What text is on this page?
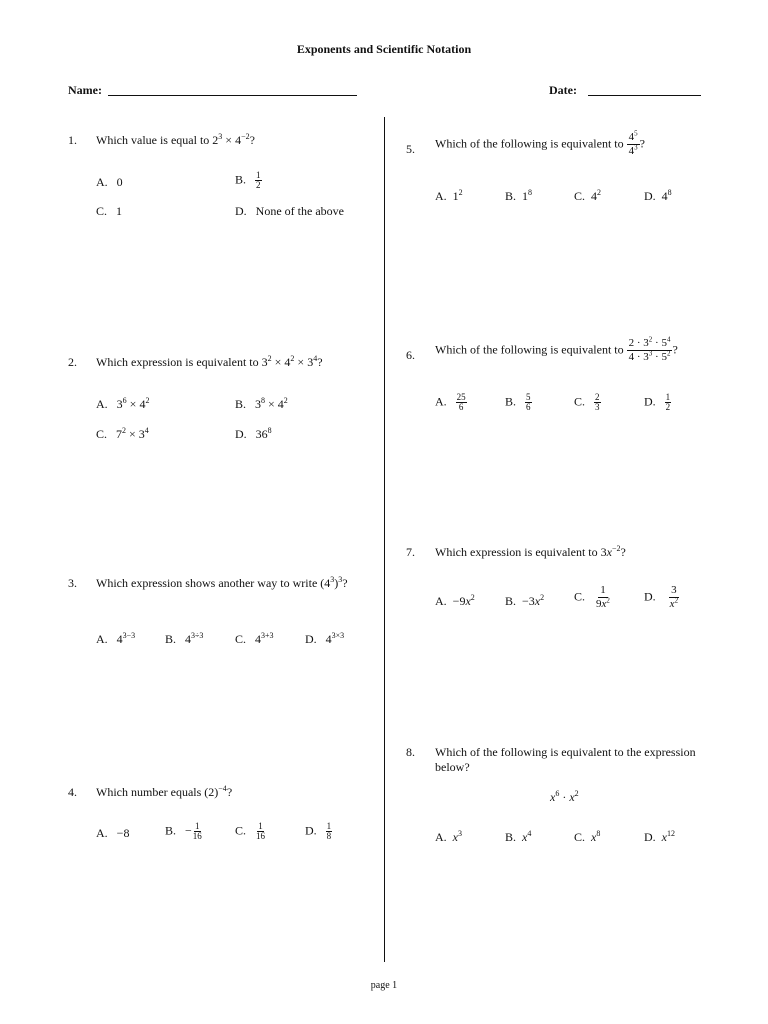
Exponents and Scientific Notation
Name:	Date:
1. Which value is equal to $2^3 \times 4^{-2}$?
A.   0	B. $\frac{1}{2}$
C.   1	D. None of the above
2. Which expression is equivalent to $3^2 \times 4^2 \times 3^4$?
A.   $3^6 \times 4^2$	B.   $3^8 \times 4^2$
C.   $7^2 \times 3^4$	D.   $36^8$
3. Which expression shows another way to write $(4^3)^3$?
A.   $4^{3-3}$ B.   $4^{3\div 3}$	C.   $4^{3+3}$	D.   $4^{3\times 3}$
4. Which number equals $(2)^{-4}$?
A.   −8	B.   − $\frac{1}{16}$	C. $\frac{1}{16}$	D. $\frac{1}{8}$
5. Which of the following is equivalent to $\frac{4^5}{4^3}$ ?
A.  $1^2$	B.  $1^8$	C.  $4^2$	D.  $4^8$
6. Which of the following is equivalent to $\frac{2 \cdot 3^2 \cdot 5^4}{4 \cdot 3^3 \cdot 5^2}$ ?
A. $\frac{25}{6}$	B. $\frac{5}{6}$	C. $\frac{2}{3}$	D. $\frac{1}{2}$
7. Which expression is equivalent to $3x^{-2}$?
A.  $-9x^2$	B.  $-3x^2$ C. $\frac{1}{9x^2}$	D. $\frac{3}{x^2}$
8. Which of the following is equivalent to the expression below?
$x^6 \cdot x^2$
A. $x^3$	B. $x^4$	C. $x^8$	D. $x^{12}$
page 1
